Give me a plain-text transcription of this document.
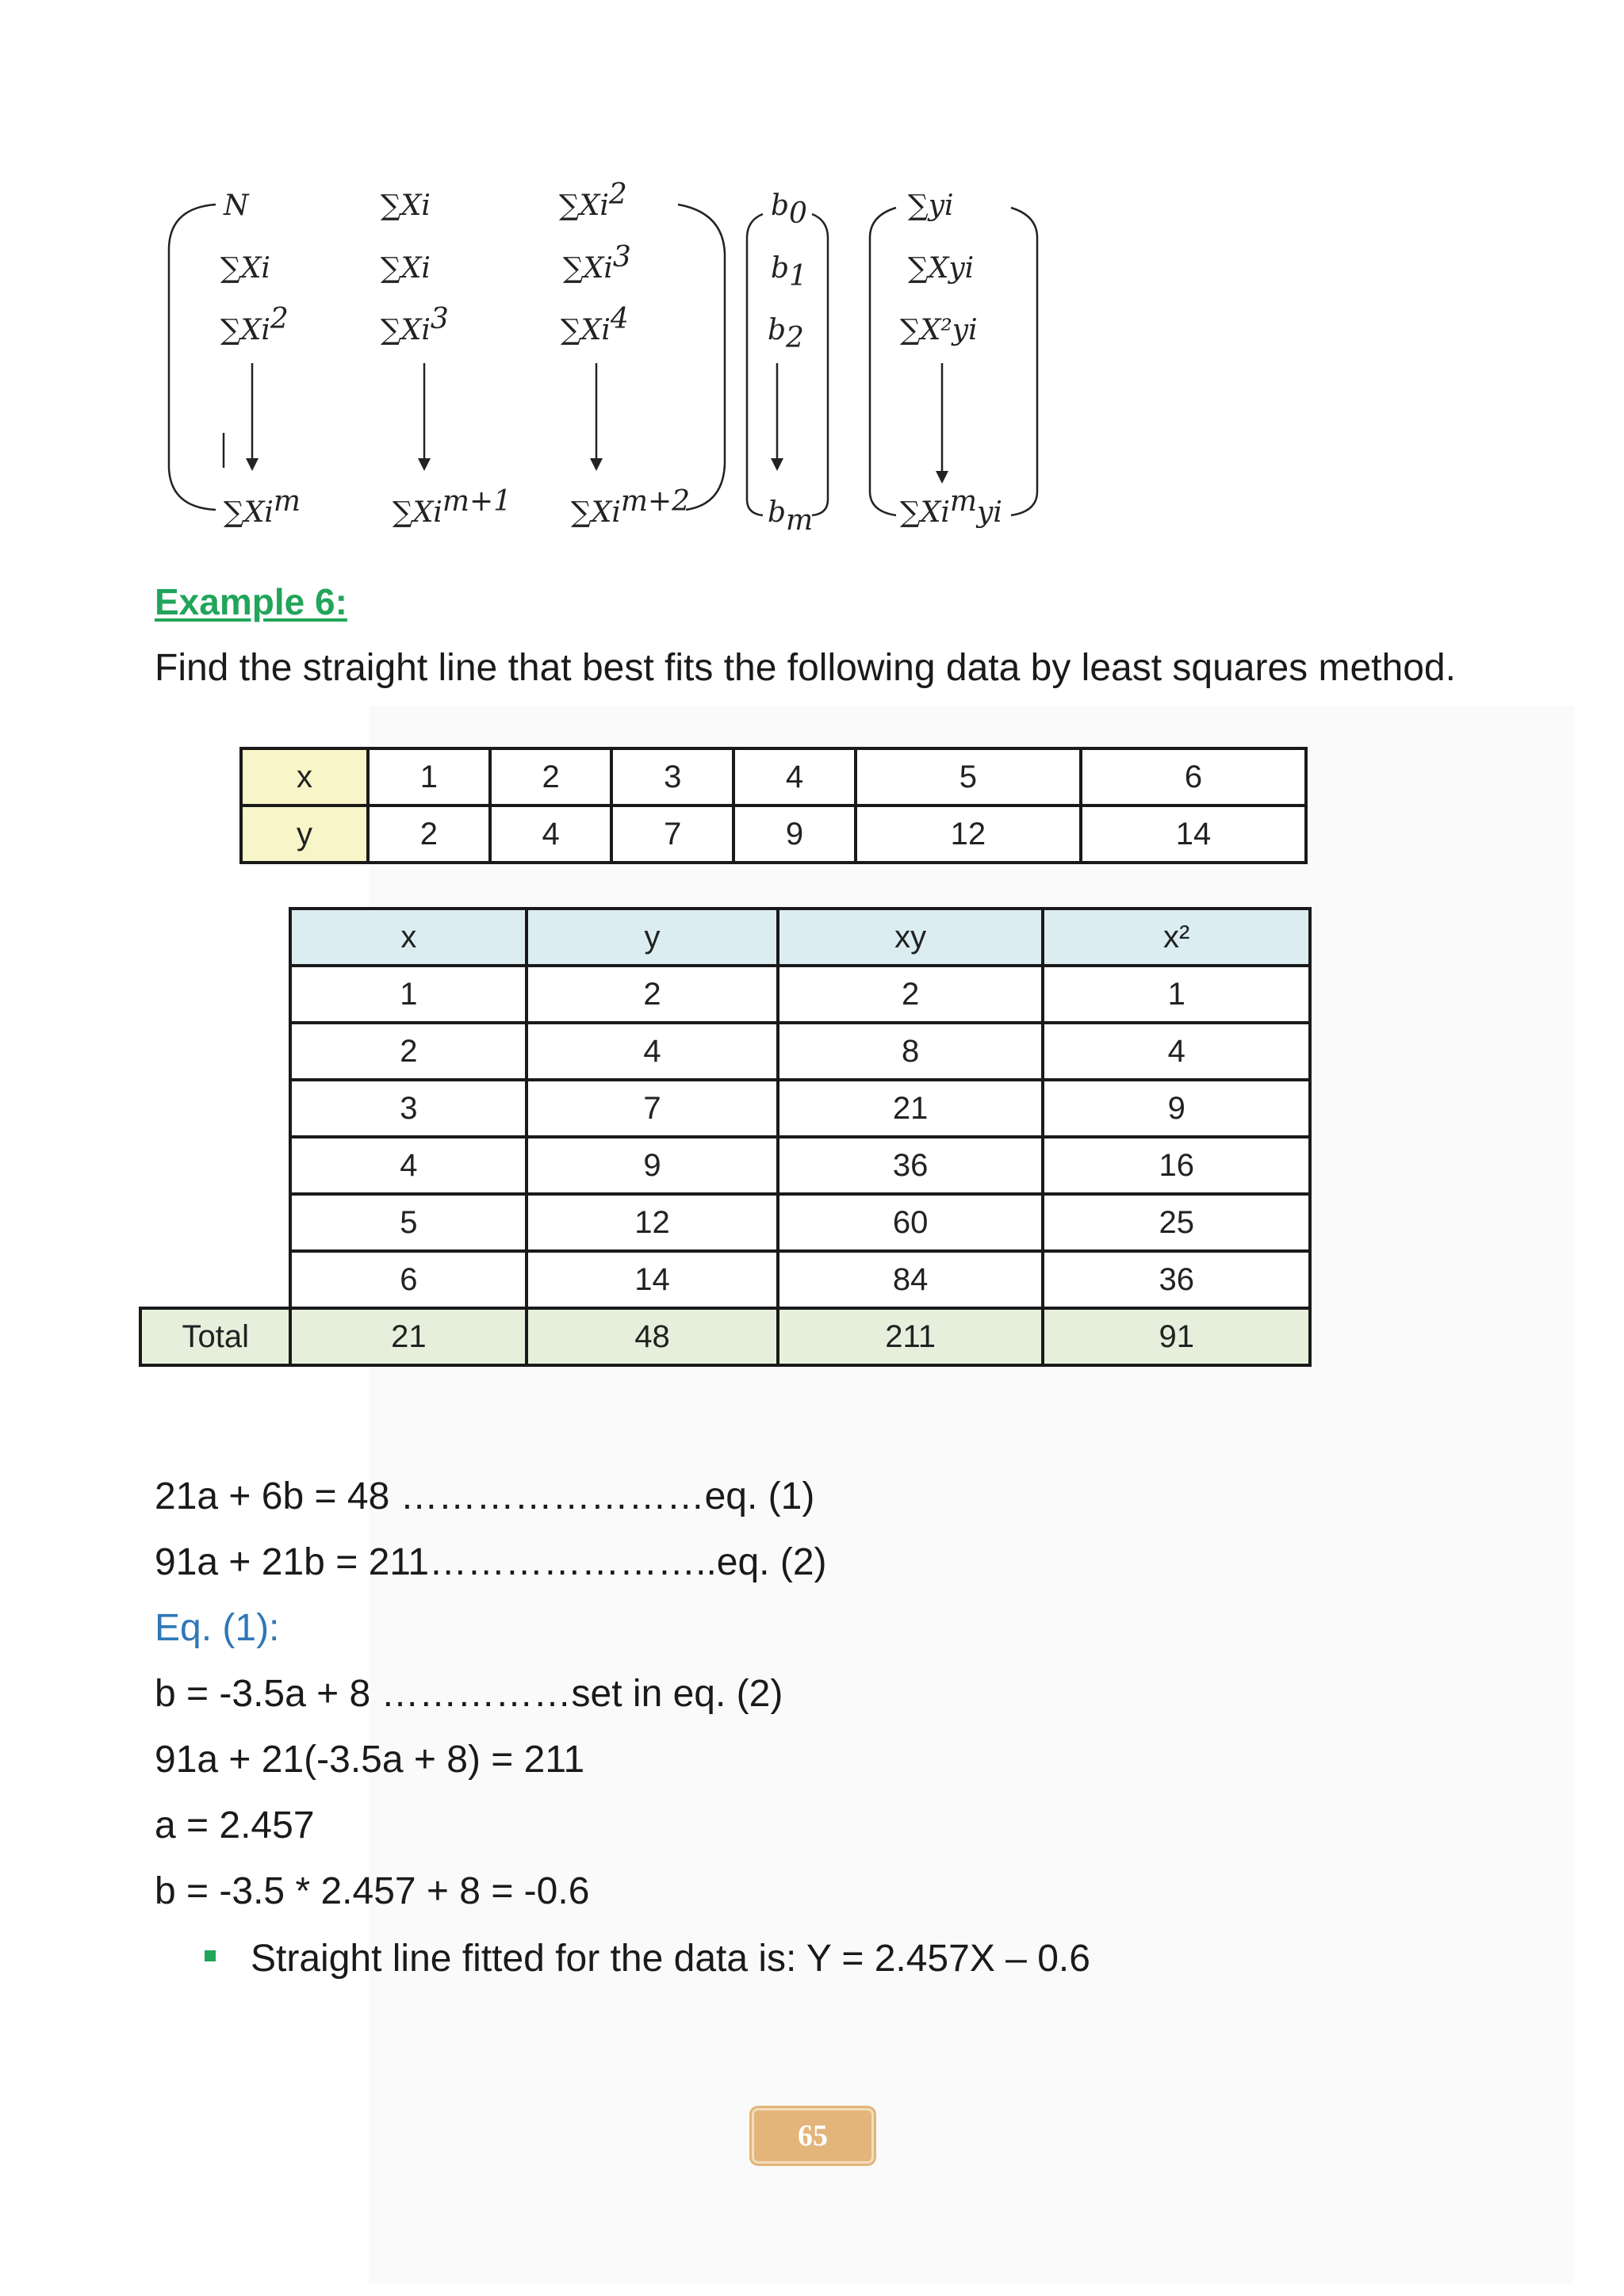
N	∑Xi	∑Xi2
∑Xi	∑Xi	∑Xi3
∑Xi2	∑Xi3	∑Xi4
∑Xim	∑Xim+1 ∑Xim+2
b0
b1
b2
bm
∑yi
∑Xyi
∑X²yi
∑Ximyi

Example 6:

Find the straight line that best fits the following data by least squares method.

x	1	2	3	4	5	6
y	2	4	7	9	12	14
	x	y	xy	x²
	1	2	2	1
	2	4	8	4
	3	7	21	9
	4	9	36	16
	5	12	60	25
	6	14	84	36
Total	21	48	211	91

21a + 6b = 48 ……………………eq. (1)

91a + 21b = 211…………………..eq. (2)

Eq. (1):

b = -3.5a + 8 ……………set in eq. (2)

91a + 21(-3.5a + 8) = 211

a = 2.457

b = -3.5 * 2.457 + 8 = -0.6

Straight line fitted for the data is: Y = 2.457X – 0.6

65
